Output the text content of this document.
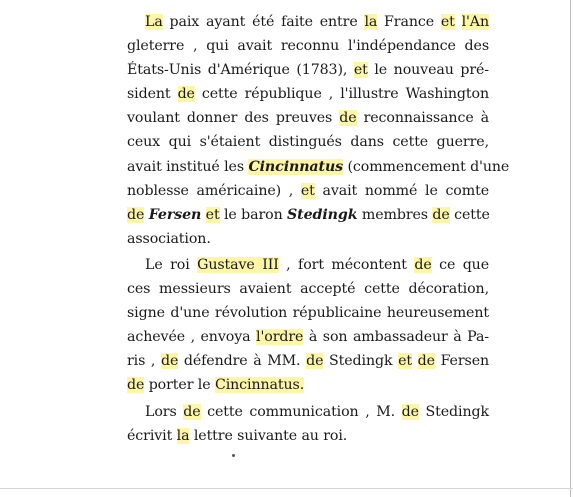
La paix ayant été faite entre la France et l'An
gleterre , qui avait reconnu l'indépendance des
États-Unis d'Amérique (1783), et le nouveau pré-
sident de cette république , l'illustre Washington
voulant donner des preuves de reconnaissance à
ceux qui s'étaient distingués dans cette guerre,
avait institué les Cincinnatus (commencement d'une
noblesse américaine) , et avait nommé le comte
de Fersen et le baron Stedingk membres de cette
association.
Le roi Gustave III , fort mécontent de ce que
ces messieurs avaient accepté cette décoration,
signe d'une révolution républicaine heureusement
achevée , envoya l'ordre à son ambassadeur à Pa-
ris , de défendre à MM. de Stedingk et de Fersen
de porter le Cincinnatus.
Lors de cette communication , M. de Stedingk
écrivit la lettre suivante au roi.
